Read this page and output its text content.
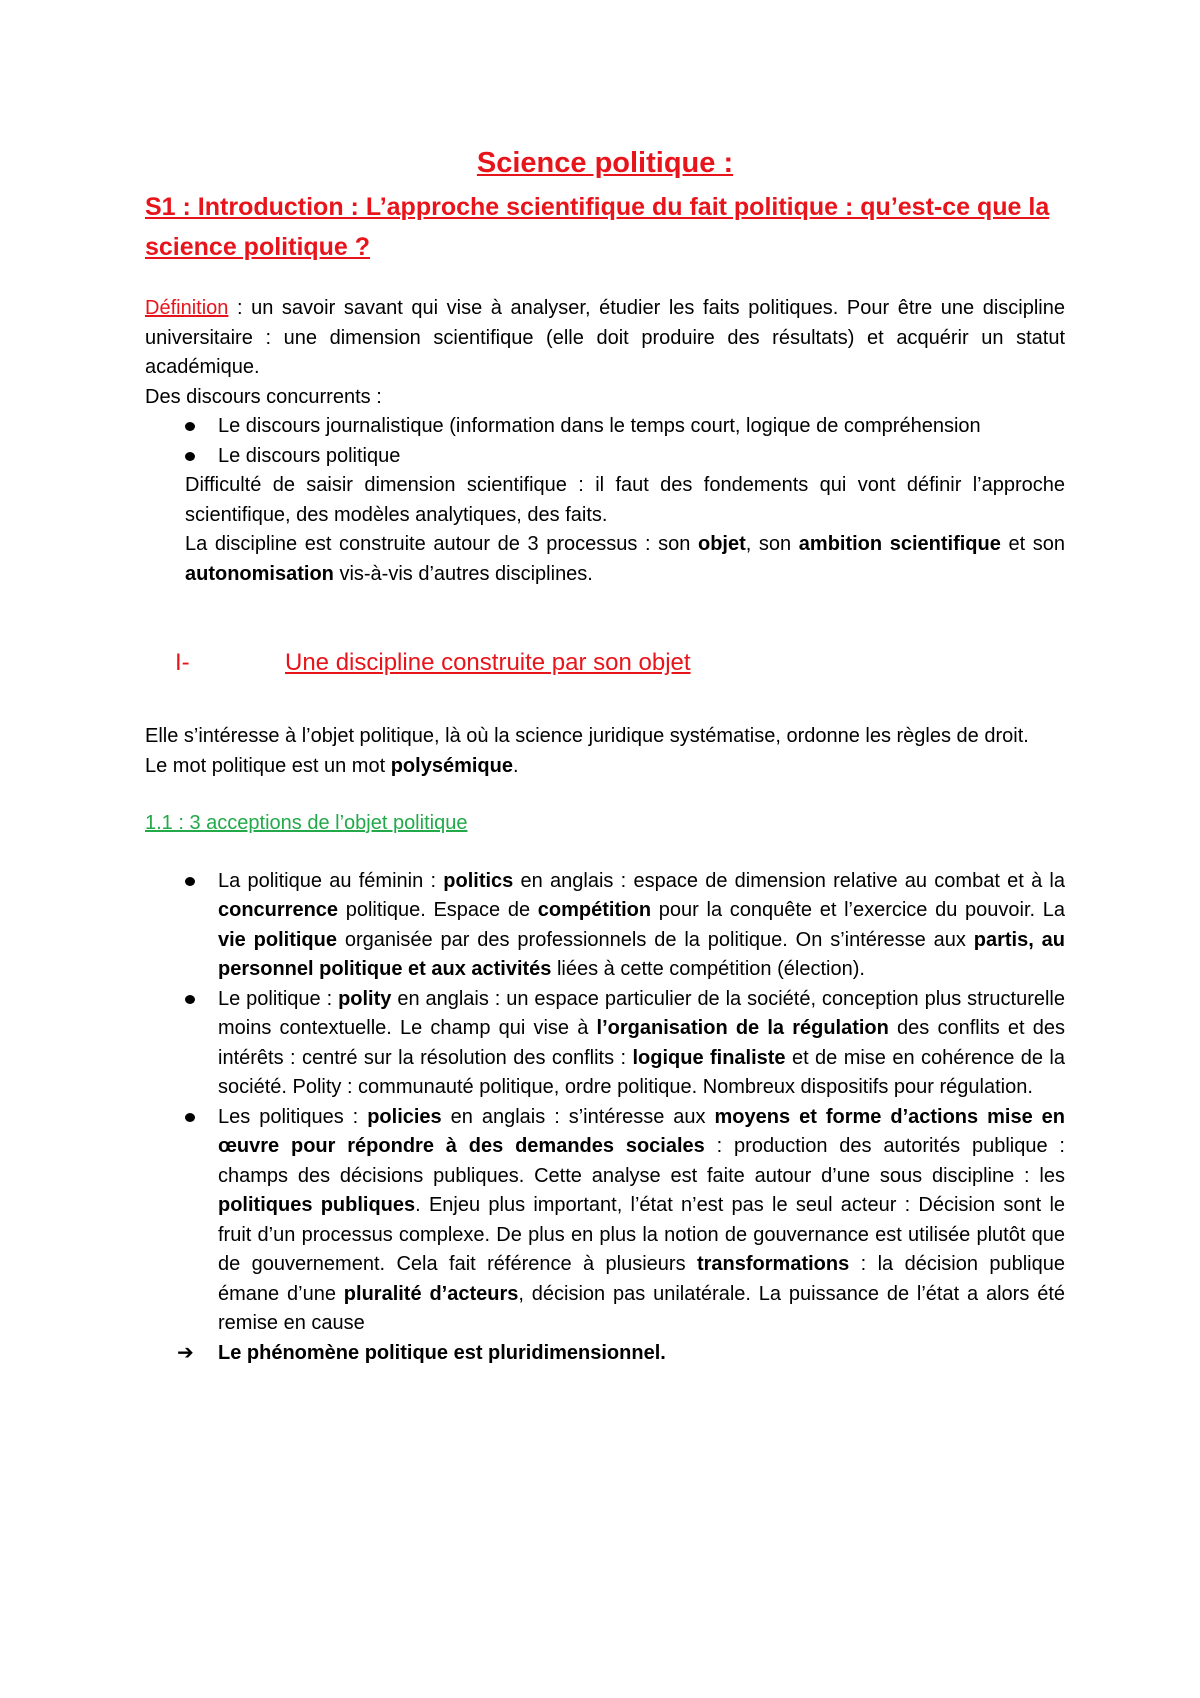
Science politique :
S1 : Introduction : L’approche scientifique du fait politique : qu’est-ce que la science politique ?

Définition : un savoir savant qui vise à analyser, étudier les faits politiques. Pour être une discipline universitaire : une dimension scientifique (elle doit produire des résultats) et acquérir un statut académique.

Des discours concurrents :

Le discours journalistique (information dans le temps court, logique de compréhension
Le discours politique

Difficulté de saisir dimension scientifique : il faut des fondements qui vont définir l’approche scientifique, des modèles analytiques, des faits.

La discipline est construite autour de 3 processus : son objet, son ambition scientifique et son autonomisation vis-à-vis d’autres disciplines.

I-	Une discipline construite par son objet

Elle s’intéresse à l’objet politique, là où la science juridique systématise, ordonne les règles de droit.

Le mot politique est un mot polysémique.

1.1 : 3 acceptions de l’objet politique
La politique au féminin : politics en anglais : espace de dimension relative au combat et à la concurrence politique. Espace de compétition pour la conquête et l’exercice du pouvoir. La vie politique organisée par des professionnels de la politique. On s’intéresse aux partis, au personnel politique et aux activités liées à cette compétition (élection).
Le politique : polity en anglais : un espace particulier de la société, conception plus structurelle moins contextuelle. Le champ qui vise à l’organisation de la régulation des conflits et des intérêts : centré sur la résolution des conflits : logique finaliste et de mise en cohérence de la société. Polity : communauté politique, ordre politique. Nombreux dispositifs pour régulation.
Les politiques : policies en anglais : s’intéresse aux moyens et forme d’actions mise en œuvre pour répondre à des demandes sociales : production des autorités publique : champs des décisions publiques. Cette analyse est faite autour d’une sous discipline : les politiques publiques. Enjeu plus important, l’état n’est pas le seul acteur : Décision sont le fruit d’un processus complexe. De plus en plus la notion de gouvernance est utilisée plutôt que de gouvernement. Cela fait référence à plusieurs transformations : la décision publique émane d’une pluralité d’acteurs, décision pas unilatérale. La puissance de l’état a alors été remise en cause
➔ Le phénomène politique est pluridimensionnel.
